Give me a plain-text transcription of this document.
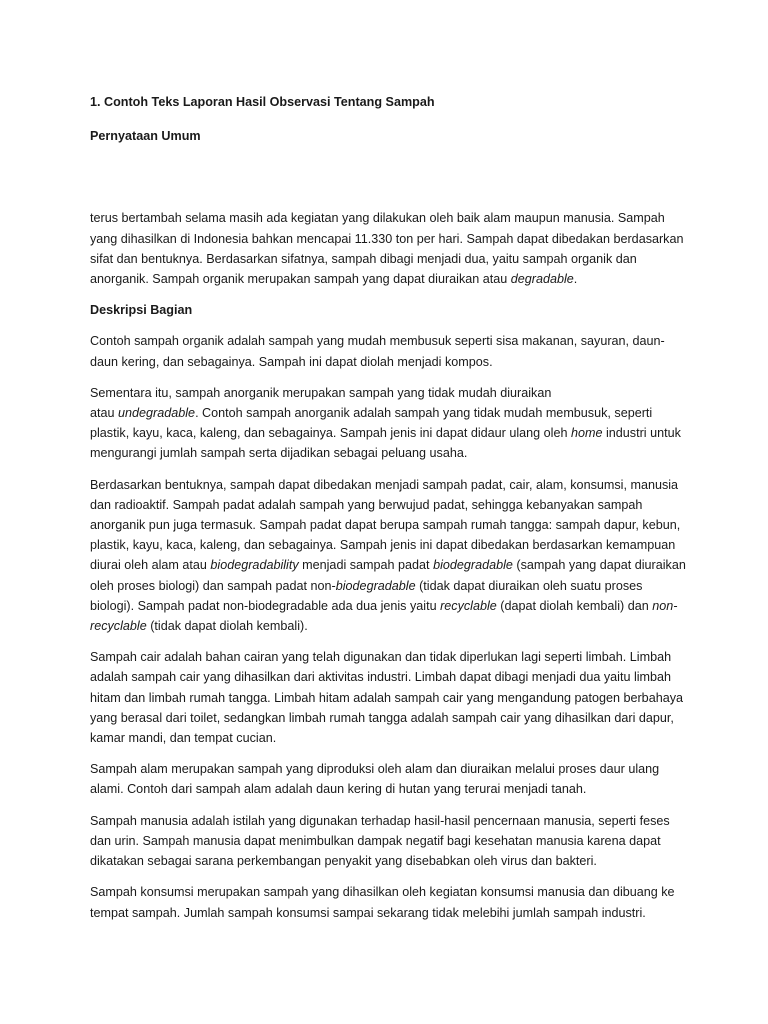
1. Contoh Teks Laporan Hasil Observasi Tentang Sampah
Pernyataan Umum

terus bertambah selama masih ada kegiatan yang dilakukan oleh baik alam maupun manusia. Sampah yang dihasilkan di Indonesia bahkan mencapai 11.330 ton per hari. Sampah dapat dibedakan berdasarkan sifat dan bentuknya. Berdasarkan sifatnya, sampah dibagi menjadi dua, yaitu sampah organik dan anorganik. Sampah organik merupakan sampah yang dapat diuraikan atau degradable.

Deskripsi Bagian

Contoh sampah organik adalah sampah yang mudah membusuk seperti sisa makanan, sayuran, daun-daun kering, dan sebagainya. Sampah ini dapat diolah menjadi kompos.

Sementara itu, sampah anorganik merupakan sampah yang tidak mudah diuraikan
atau undegradable. Contoh sampah anorganik adalah sampah yang tidak mudah membusuk, seperti plastik, kayu, kaca, kaleng, dan sebagainya. Sampah jenis ini dapat didaur ulang oleh home industri untuk mengurangi jumlah sampah serta dijadikan sebagai peluang usaha.

Berdasarkan bentuknya, sampah dapat dibedakan menjadi sampah padat, cair, alam, konsumsi, manusia dan radioaktif. Sampah padat adalah sampah yang berwujud padat, sehingga kebanyakan sampah anorganik pun juga termasuk. Sampah padat dapat berupa sampah rumah tangga: sampah dapur, kebun, plastik, kayu, kaca, kaleng, dan sebagainya. Sampah jenis ini dapat dibedakan berdasarkan kemampuan diurai oleh alam atau biodegradability menjadi sampah padat biodegradable (sampah yang dapat diuraikan oleh proses biologi) dan sampah padat non-biodegradable (tidak dapat diuraikan oleh suatu proses biologi). Sampah padat non-biodegradable ada dua jenis yaitu recyclable (dapat diolah kembali) dan non-recyclable (tidak dapat diolah kembali).

Sampah cair adalah bahan cairan yang telah digunakan dan tidak diperlukan lagi seperti limbah. Limbah adalah sampah cair yang dihasilkan dari aktivitas industri. Limbah dapat dibagi menjadi dua yaitu limbah hitam dan limbah rumah tangga. Limbah hitam adalah sampah cair yang mengandung patogen berbahaya yang berasal dari toilet, sedangkan limbah rumah tangga adalah sampah cair yang dihasilkan dari dapur, kamar mandi, dan tempat cucian.

Sampah alam merupakan sampah yang diproduksi oleh alam dan diuraikan melalui proses daur ulang alami. Contoh dari sampah alam adalah daun kering di hutan yang terurai menjadi tanah.

Sampah manusia adalah istilah yang digunakan terhadap hasil-hasil pencernaan manusia, seperti feses dan urin. Sampah manusia dapat menimbulkan dampak negatif bagi kesehatan manusia karena dapat dikatakan sebagai sarana perkembangan penyakit yang disebabkan oleh virus dan bakteri.

Sampah konsumsi merupakan sampah yang dihasilkan oleh kegiatan konsumsi manusia dan dibuang ke tempat sampah. Jumlah sampah konsumsi sampai sekarang tidak melebihi jumlah sampah industri.
